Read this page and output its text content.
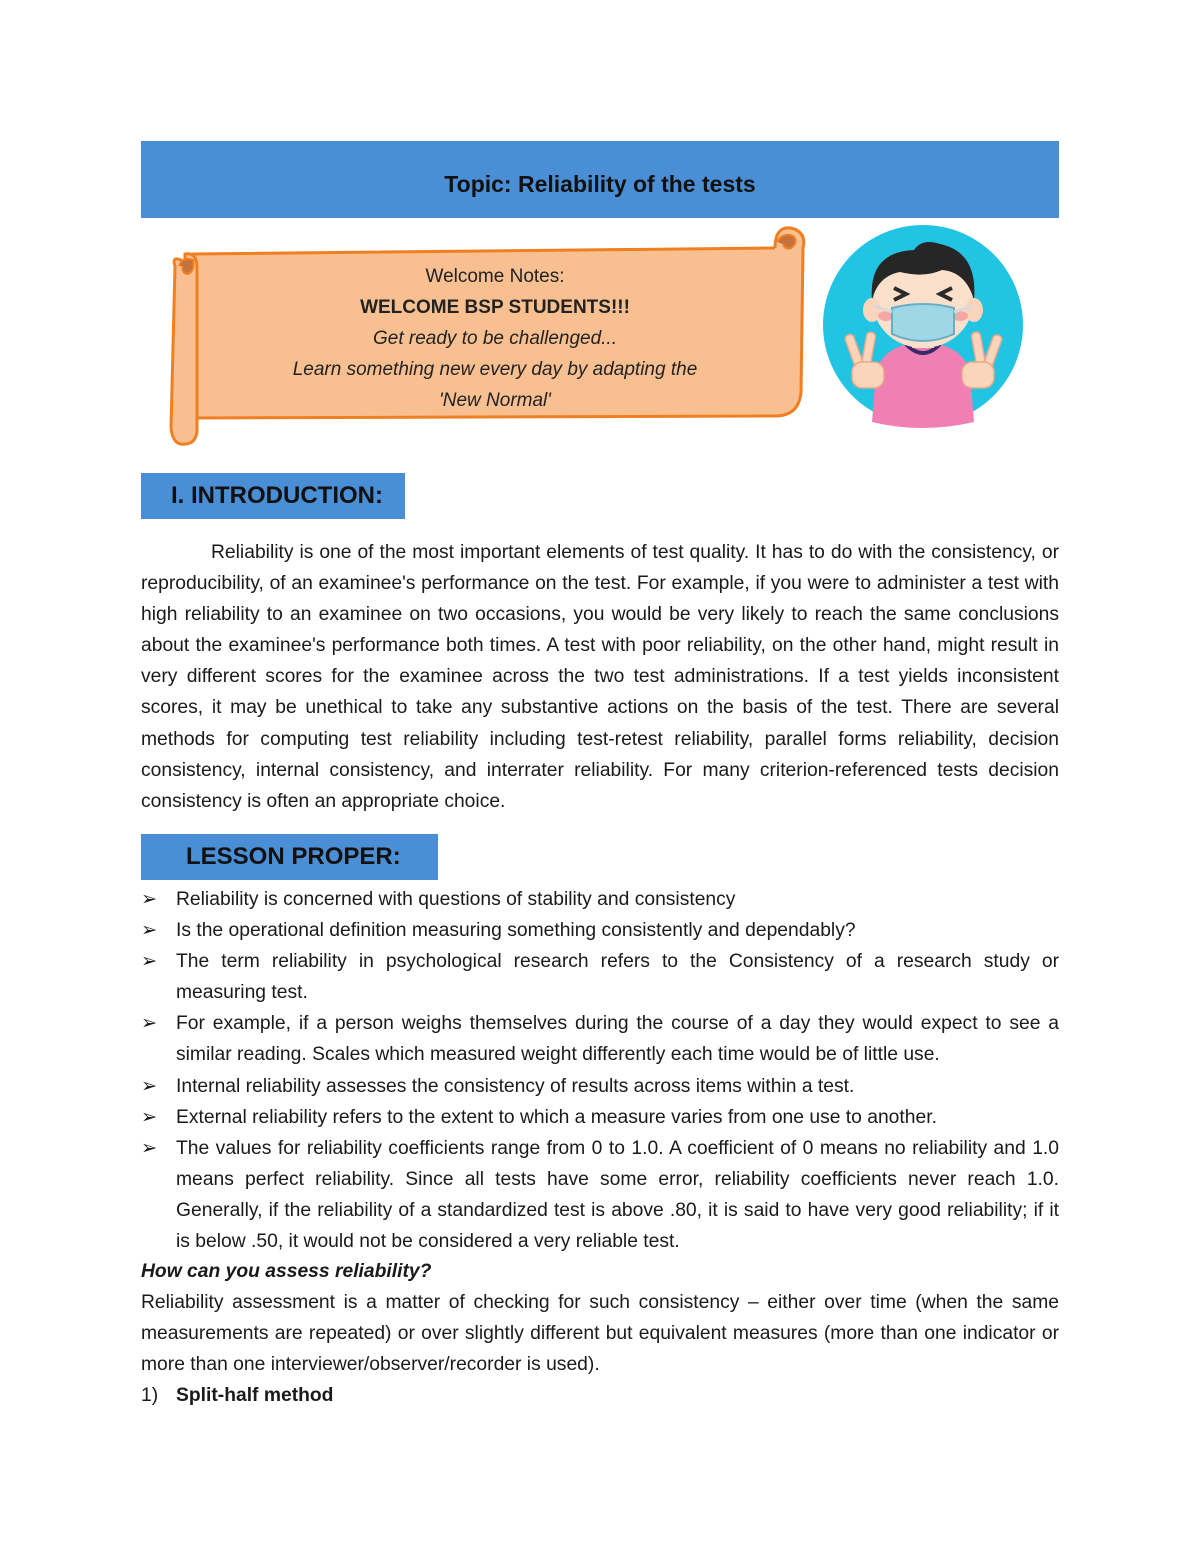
Topic: Reliability of the tests
Welcome Notes:
WELCOME BSP STUDENTS!!!
Get ready to be challenged...
Learn something new every day by adapting the
'New Normal'
I. INTRODUCTION:

Reliability is one of the most important elements of test quality. It has to do with the consistency, or reproducibility, of an examinee's performance on the test. For example, if you were to administer a test with high reliability to an examinee on two occasions, you would be very likely to reach the same conclusions about the examinee's performance both times. A test with poor reliability, on the other hand, might result in very different scores for the examinee across the two test administrations. If a test yields inconsistent scores, it may be unethical to take any substantive actions on the basis of the test. There are several methods for computing test reliability including test-retest reliability, parallel forms reliability, decision consistency, internal consistency, and interrater reliability. For many criterion-referenced tests decision consistency is often an appropriate choice.

LESSON PROPER:
➢ Reliability is concerned with questions of stability and consistency
➢ Is the operational definition measuring something consistently and dependably?
➢ The term reliability in psychological research refers to the Consistency of a research study or measuring test.
➢ For example, if a person weighs themselves during the course of a day they would expect to see a similar reading. Scales which measured weight differently each time would be of little use.
➢ Internal reliability assesses the consistency of results across items within a test.
➢ External reliability refers to the extent to which a measure varies from one use to another.
➢ The values for reliability coefficients range from 0 to 1.0. A coefficient of 0 means no reliability and 1.0 means perfect reliability. Since all tests have some error, reliability coefficients never reach 1.0. Generally, if the reliability of a standardized test is above .80, it is said to have very good reliability; if it is below .50, it would not be considered a very reliable test.

How can you assess reliability?

Reliability assessment is a matter of checking for such consistency – either over time (when the same measurements are repeated) or over slightly different but equivalent measures (more than one indicator or more than one interviewer/observer/recorder is used).

1) Split-half method
